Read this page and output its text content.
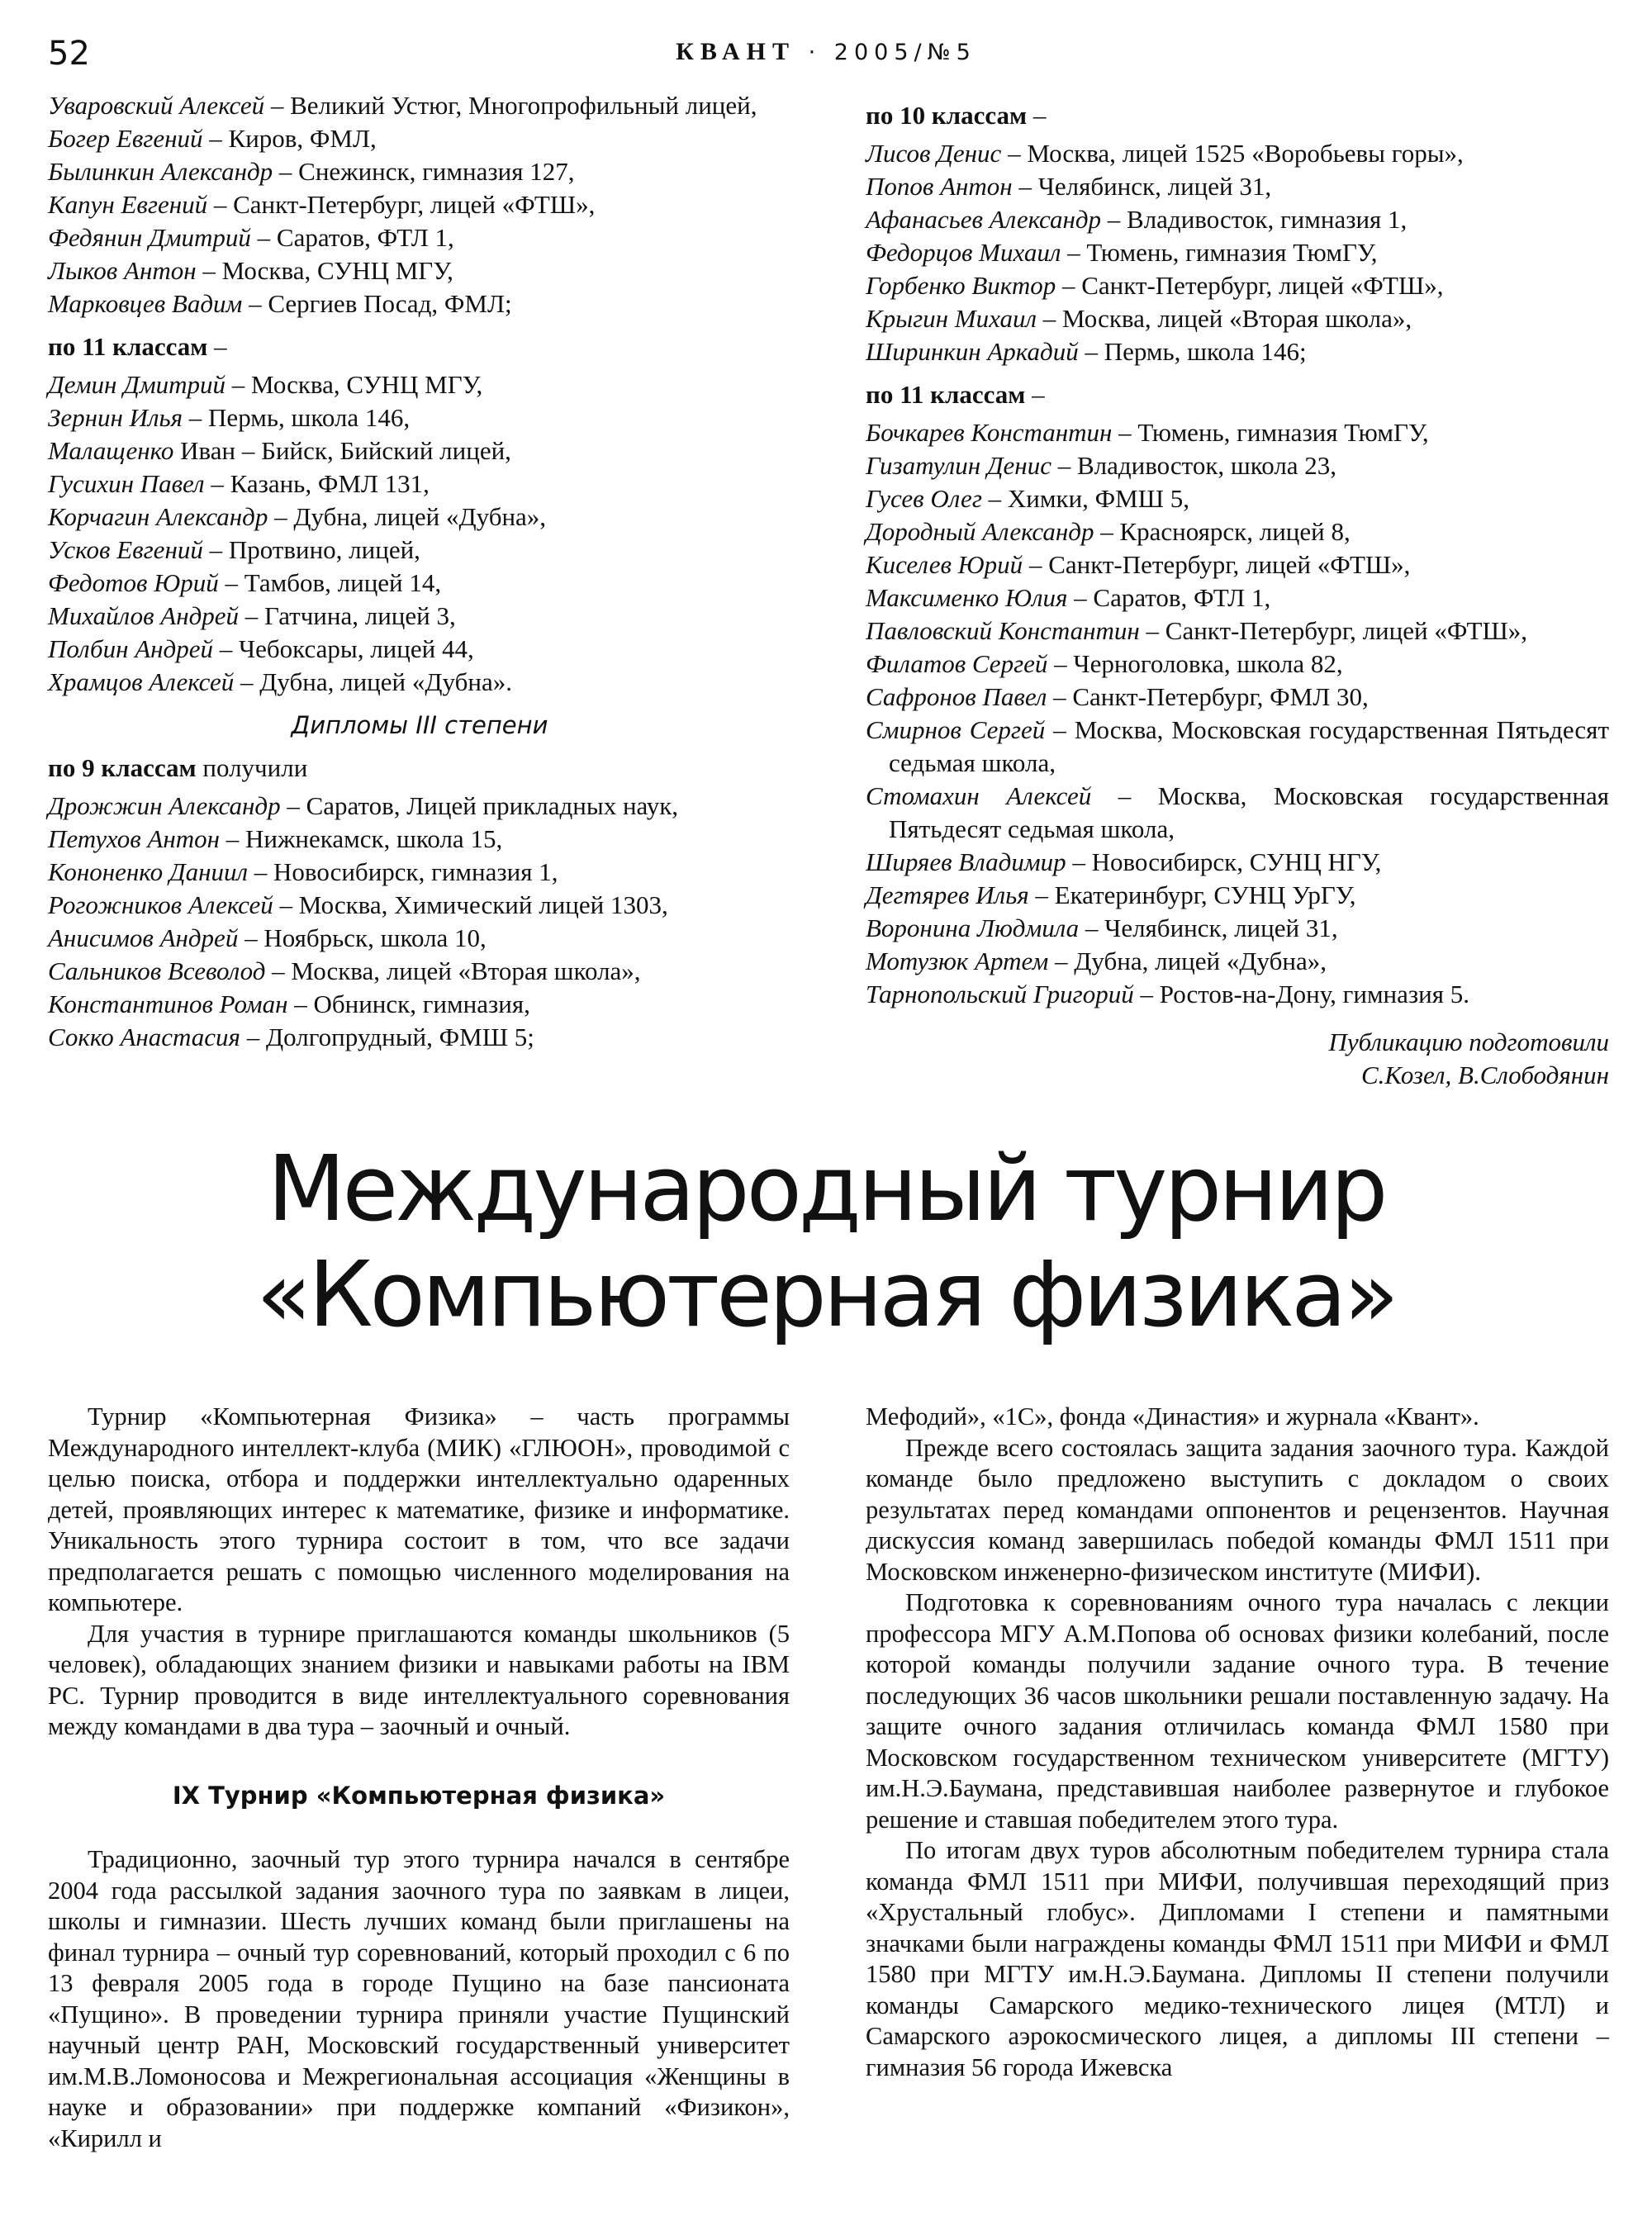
52	КВАНТ · 2005/№5
Уваровский Алексей – Великий Устюг, Многопрофильный лицей,
Богер Евгений – Киров, ФМЛ,
Былинкин Александр – Снежинск, гимназия 127,
Капун Евгений – Санкт-Петербург, лицей «ФТШ»,
Федянин Дмитрий – Саратов, ФТЛ 1,
Лыков Антон – Москва, СУНЦ МГУ,
Марковцев Вадим – Сергиев Посад, ФМЛ;
по 11 классам –
Демин Дмитрий – Москва, СУНЦ МГУ,
Зернин Илья – Пермь, школа 146,
Малащенко Иван – Бийск, Бийский лицей,
Гусихин Павел – Казань, ФМЛ 131,
Корчагин Александр – Дубна, лицей «Дубна»,
Усков Евгений – Протвино, лицей,
Федотов Юрий – Тамбов, лицей 14,
Михайлов Андрей – Гатчина, лицей 3,
Полбин Андрей – Чебоксары, лицей 44,
Храмцов Алексей – Дубна, лицей «Дубна».
Дипломы III степени
по 9 классам получили
Дрожжин Александр – Саратов, Лицей прикладных наук,
Петухов Антон – Нижнекамск, школа 15,
Кононенко Даниил – Новосибирск, гимназия 1,
Рогожников Алексей – Москва, Химический лицей 1303,
Анисимов Андрей – Ноябрьск, школа 10,
Сальников Всеволод – Москва, лицей «Вторая школа»,
Константинов Роман – Обнинск, гимназия,
Сокко Анастасия – Долгопрудный, ФМШ 5;
по 10 классам –
Лисов Денис – Москва, лицей 1525 «Воробьевы горы»,
Попов Антон – Челябинск, лицей 31,
Афанасьев Александр – Владивосток, гимназия 1,
Федорцов Михаил – Тюмень, гимназия ТюмГУ,
Горбенко Виктор – Санкт-Петербург, лицей «ФТШ»,
Крыгин Михаил – Москва, лицей «Вторая школа»,
Ширинкин Аркадий – Пермь, школа 146;
по 11 классам –
Бочкарев Константин – Тюмень, гимназия ТюмГУ,
Гизатулин Денис – Владивосток, школа 23,
Гусев Олег – Химки, ФМШ 5,
Дородный Александр – Красноярск, лицей 8,
Киселев Юрий – Санкт-Петербург, лицей «ФТШ»,
Максименко Юлия – Саратов, ФТЛ 1,
Павловский Константин – Санкт-Петербург, лицей «ФТШ»,
Филатов Сергей – Черноголовка, школа 82,
Сафронов Павел – Санкт-Петербург, ФМЛ 30,
Смирнов Сергей – Москва, Московская государственная Пятьдесят седьмая школа,
Стомахин Алексей – Москва, Московская государственная Пятьдесят седьмая школа,
Ширяев Владимир – Новосибирск, СУНЦ НГУ,
Дегтярев Илья – Екатеринбург, СУНЦ УрГУ,
Воронина Людмила – Челябинск, лицей 31,
Мотузюк Артем – Дубна, лицей «Дубна»,
Тарнопольский Григорий – Ростов-на-Дону, гимназия 5.
Публикацию подготовили
С.Козел, В.Слободянин
Международный турнир
«Компьютерная физика»

Турнир «Компьютерная Физика» – часть программы Международного интеллект-клуба (МИК) «ГЛЮОН», проводимой с целью поиска, отбора и поддержки интеллектуально одаренных детей, проявляющих интерес к математике, физике и информатике. Уникальность этого турнира состоит в том, что все задачи предполагается решать с помощью численного моделирования на компьютере.

Для участия в турнире приглашаются команды школьников (5 человек), обладающих знанием физики и навыками работы на IBM PC. Турнир проводится в виде интеллектуального соревнования между командами в два тура – заочный и очный.

IX Турнир «Компьютерная физика»

Традиционно, заочный тур этого турнира начался в сентябре 2004 года рассылкой задания заочного тура по заявкам в лицеи, школы и гимназии. Шесть лучших команд были приглашены на финал турнира – очный тур соревнований, который проходил с 6 по 13 февраля 2005 года в городе Пущино на базе пансионата «Пущино». В проведении турнира приняли участие Пущинский научный центр РАН, Московский государственный университет им.М.В.Ломоносова и Межрегиональная ассоциация «Женщины в науке и образовании» при поддержке компаний «Физикон», «Кирилл и

Мефодий», «1С», фонда «Династия» и журнала «Квант».

Прежде всего состоялась защита задания заочного тура. Каждой команде было предложено выступить с докладом о своих результатах перед командами оппонентов и рецензентов. Научная дискуссия команд завершилась победой команды ФМЛ 1511 при Московском инженерно-физическом институте (МИФИ).

Подготовка к соревнованиям очного тура началась с лекции профессора МГУ А.М.Попова об основах физики колебаний, после которой команды получили задание очного тура. В течение последующих 36 часов школьники решали поставленную задачу. На защите очного задания отличилась команда ФМЛ 1580 при Московском государственном техническом университете (МГТУ) им.Н.Э.Баумана, представившая наиболее развернутое и глубокое решение и ставшая победителем этого тура.

По итогам двух туров абсолютным победителем турнира стала команда ФМЛ 1511 при МИФИ, получившая переходящий приз «Хрустальный глобус». Дипломами I степени и памятными значками были награждены команды ФМЛ 1511 при МИФИ и ФМЛ 1580 при МГТУ им.Н.Э.Баумана. Дипломы II степени получили команды Самарского медико-технического лицея (МТЛ) и Самарского аэрокосмического лицея, а дипломы III степени – гимназия 56 города Ижевска
